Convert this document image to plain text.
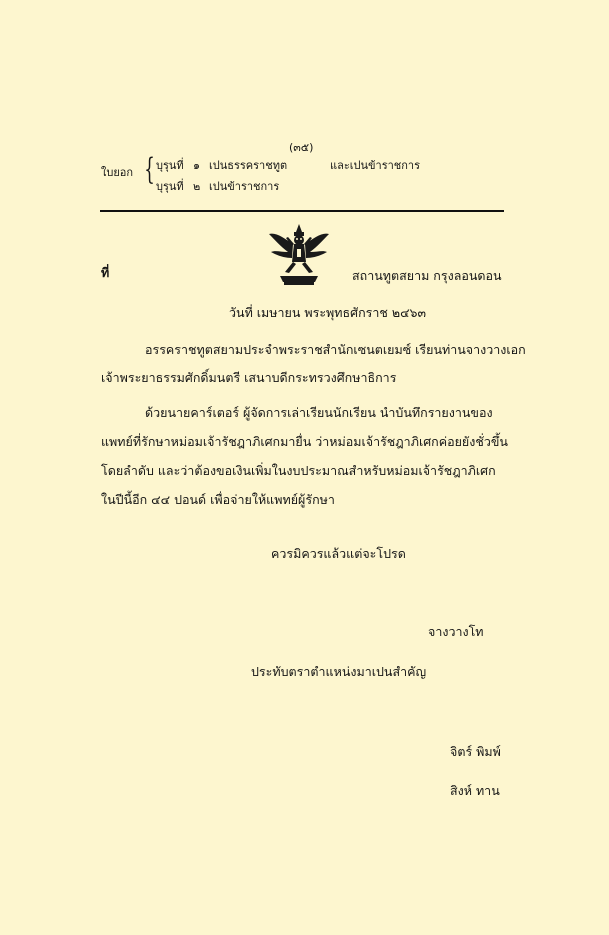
(๓๕)
ใบยอก { บุรุนที่ ๑ เปนธรรคราชทูต	และเปนข้าราชการ
บุรุนที่ ๒ เปนข้าราชการ
ที่	สถานทูตสยาม กรุงลอนดอน
วันที่ เมษายน พระพุทธศักราช ๒๔๖๓
อรรคราชทูตสยามประจำพระราชสำนักเซนตเยมซ์ เรียนท่านจางวางเอก
เจ้าพระยาธรรมศักดิ์มนตรี เสนาบดีกระทรวงศึกษาธิการ
ด้วยนายคาร์เตอร์ ผู้จัดการเล่าเรียนนักเรียน นำบันทึกรายงานของ
แพทย์ที่รักษาหม่อมเจ้ารัชฎาภิเศกมายื่น ว่าหม่อมเจ้ารัชฎาภิเศกค่อยยังชั่วขึ้น
โดยลำดับ และว่าต้องขอเงินเพิ่มในงบประมาณสำหรับหม่อมเจ้ารัชฎาภิเศก
ในปีนี้อีก ๔๔ ปอนด์ เพื่อจ่ายให้แพทย์ผู้รักษา
ควรมิควรแล้วแต่จะโปรด
จางวางโท
ประทับตราตำแหน่งมาเปนสำคัญ
จิตร์ พิมพ์
สิงห์ ทาน
